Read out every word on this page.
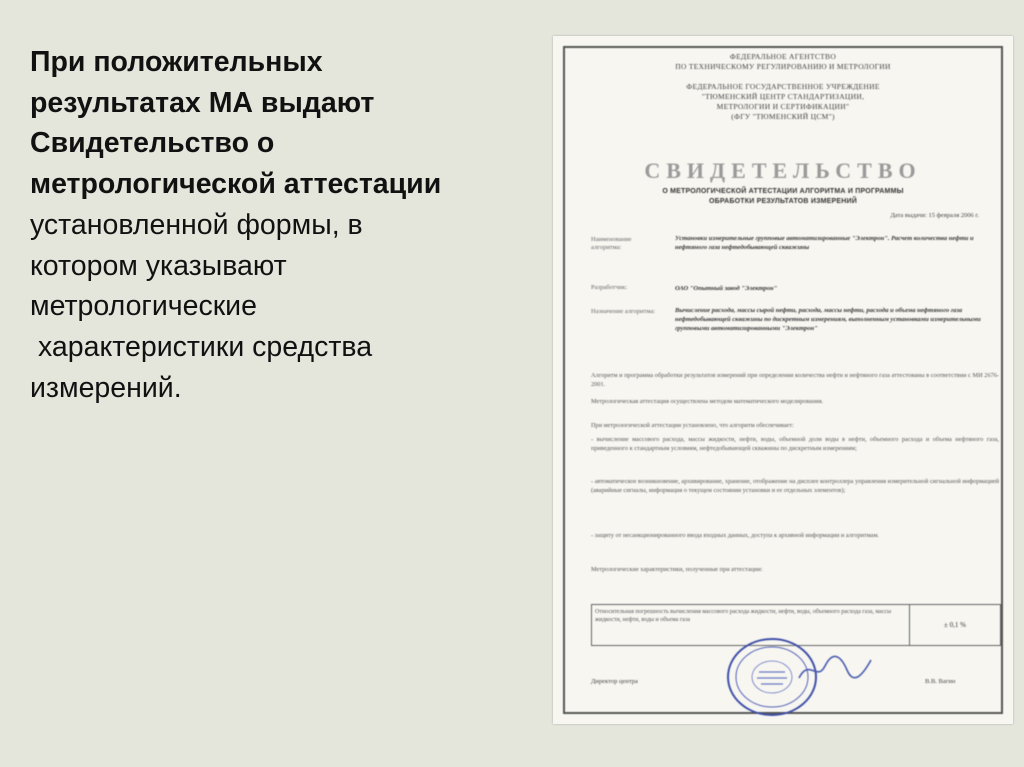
При положительных
результатах МА выдают
Свидетельство о
метрологической аттестации
установленной формы, в
котором указывают
метрологические
характеристики средства
измерений.
ФЕДЕРАЛЬНОЕ АГЕНТСТВО
ПО ТЕХНИЧЕСКОМУ РЕГУЛИРОВАНИЮ И МЕТРОЛОГИИ
ФЕДЕРАЛЬНОЕ ГОСУДАРСТВЕННОЕ УЧРЕЖДЕНИЕ
"ТЮМЕНСКИЙ ЦЕНТР СТАНДАРТИЗАЦИИ,
МЕТРОЛОГИИ И СЕРТИФИКАЦИИ"
(ФГУ "ТЮМЕНСКИЙ ЦСМ")
СВИДЕТЕЛЬСТВО
О МЕТРОЛОГИЧЕСКОЙ АТТЕСТАЦИИ АЛГОРИТМА И ПРОГРАММЫ
ОБРАБОТКИ РЕЗУЛЬТАТОВ ИЗМЕРЕНИЙ
Дата выдачи: 15 февраля 2006 г.
Наименование алгоритма:
Установки измерительные групповые автоматизированные "Электрон". Расчет количества нефти и нефтяного газа нефтедобывающей скважины
Разработчик:	ОАО "Опытный завод "Электрон"
Назначение алгоритма:	Вычисление расхода, массы сырой нефти, расхода, массы нефти, расхода и объема нефтяного газа нефтедобывающей скважины по дискретным измерениям, выполненным установками измерительными групповыми автоматизированными "Электрон"
Алгоритм и программа обработки результатов измерений при определении количества нефти и нефтяного газа аттестованы в соответствии с МИ 2676-2001.
Метрологическая аттестация осуществлена методом математического моделирования.
При метрологической аттестации установлено, что алгоритм обеспечивает:
- вычисление массового расхода, массы жидкости, нефти, воды, объемной доли воды в нефти, объемного расхода и объема нефтяного газа, приведенного к стандартным условиям, нефтедобывающей скважины по дискретным измерениям;
- автоматическое возникновение, архивирование, хранение, отображение на дисплее контроллера управления измерительной сигнальной информацией (аварийные сигналы, информация о текущем состоянии установки и ее отдельных элементов);
- защиту от несанкционированного ввода входных данных, доступа к архивной информации и алгоритмам.
Метрологические характеристики, полученные при аттестации:
Относительная погрешность вычисления массового расхода жидкости, нефти, воды, объемного расхода газа, массы жидкости, нефти, воды и объема газа
± 0,1 %
Директор центра	В.В. Вагин
